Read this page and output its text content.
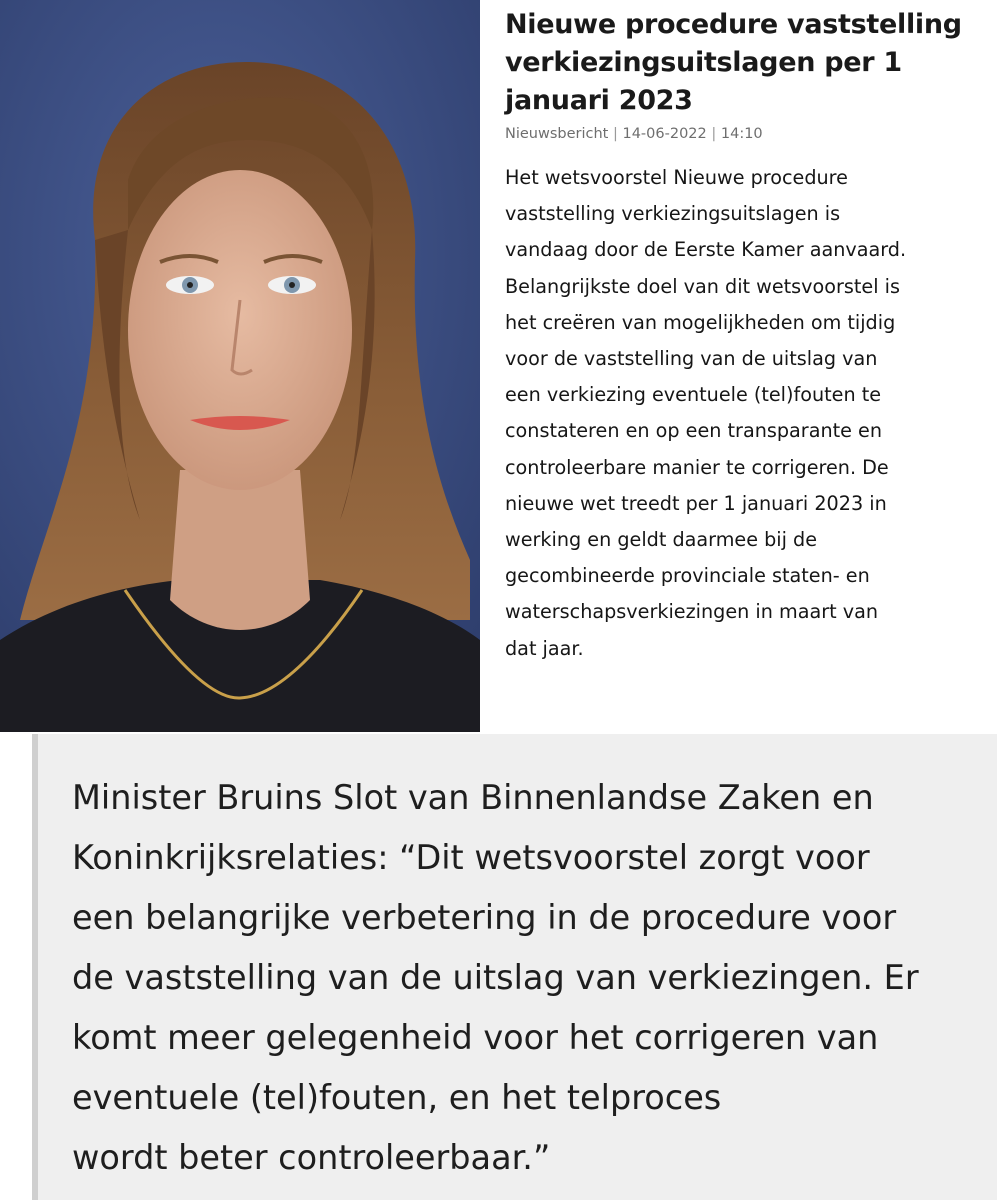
Nieuwe procedure vaststelling verkiezingsuitslagen per 1 januari 2023
Nieuwsbericht | 14-06-2022 | 14:10
Het wetsvoorstel Nieuwe procedure
vaststelling verkiezingsuitslagen is
vandaag door de Eerste Kamer aanvaard.
Belangrijkste doel van dit wetsvoorstel is
het creëren van mogelijkheden om tijdig
voor de vaststelling van de uitslag van
een verkiezing eventuele (tel)fouten te
constateren en op een transparante en
controleerbare manier te corrigeren. De
nieuwe wet treedt per 1 januari 2023 in
werking en geldt daarmee bij de
gecombineerde provinciale staten- en
waterschapsverkiezingen in maart van
dat jaar.
Minister Bruins Slot van Binnenlandse Zaken en
Koninkrijksrelaties: “Dit wetsvoorstel zorgt voor
een belangrijke verbetering in de procedure voor
de vaststelling van de uitslag van verkiezingen. Er
komt meer gelegenheid voor het corrigeren van
eventuele (tel)fouten, en het telproces
wordt beter controleerbaar.”
